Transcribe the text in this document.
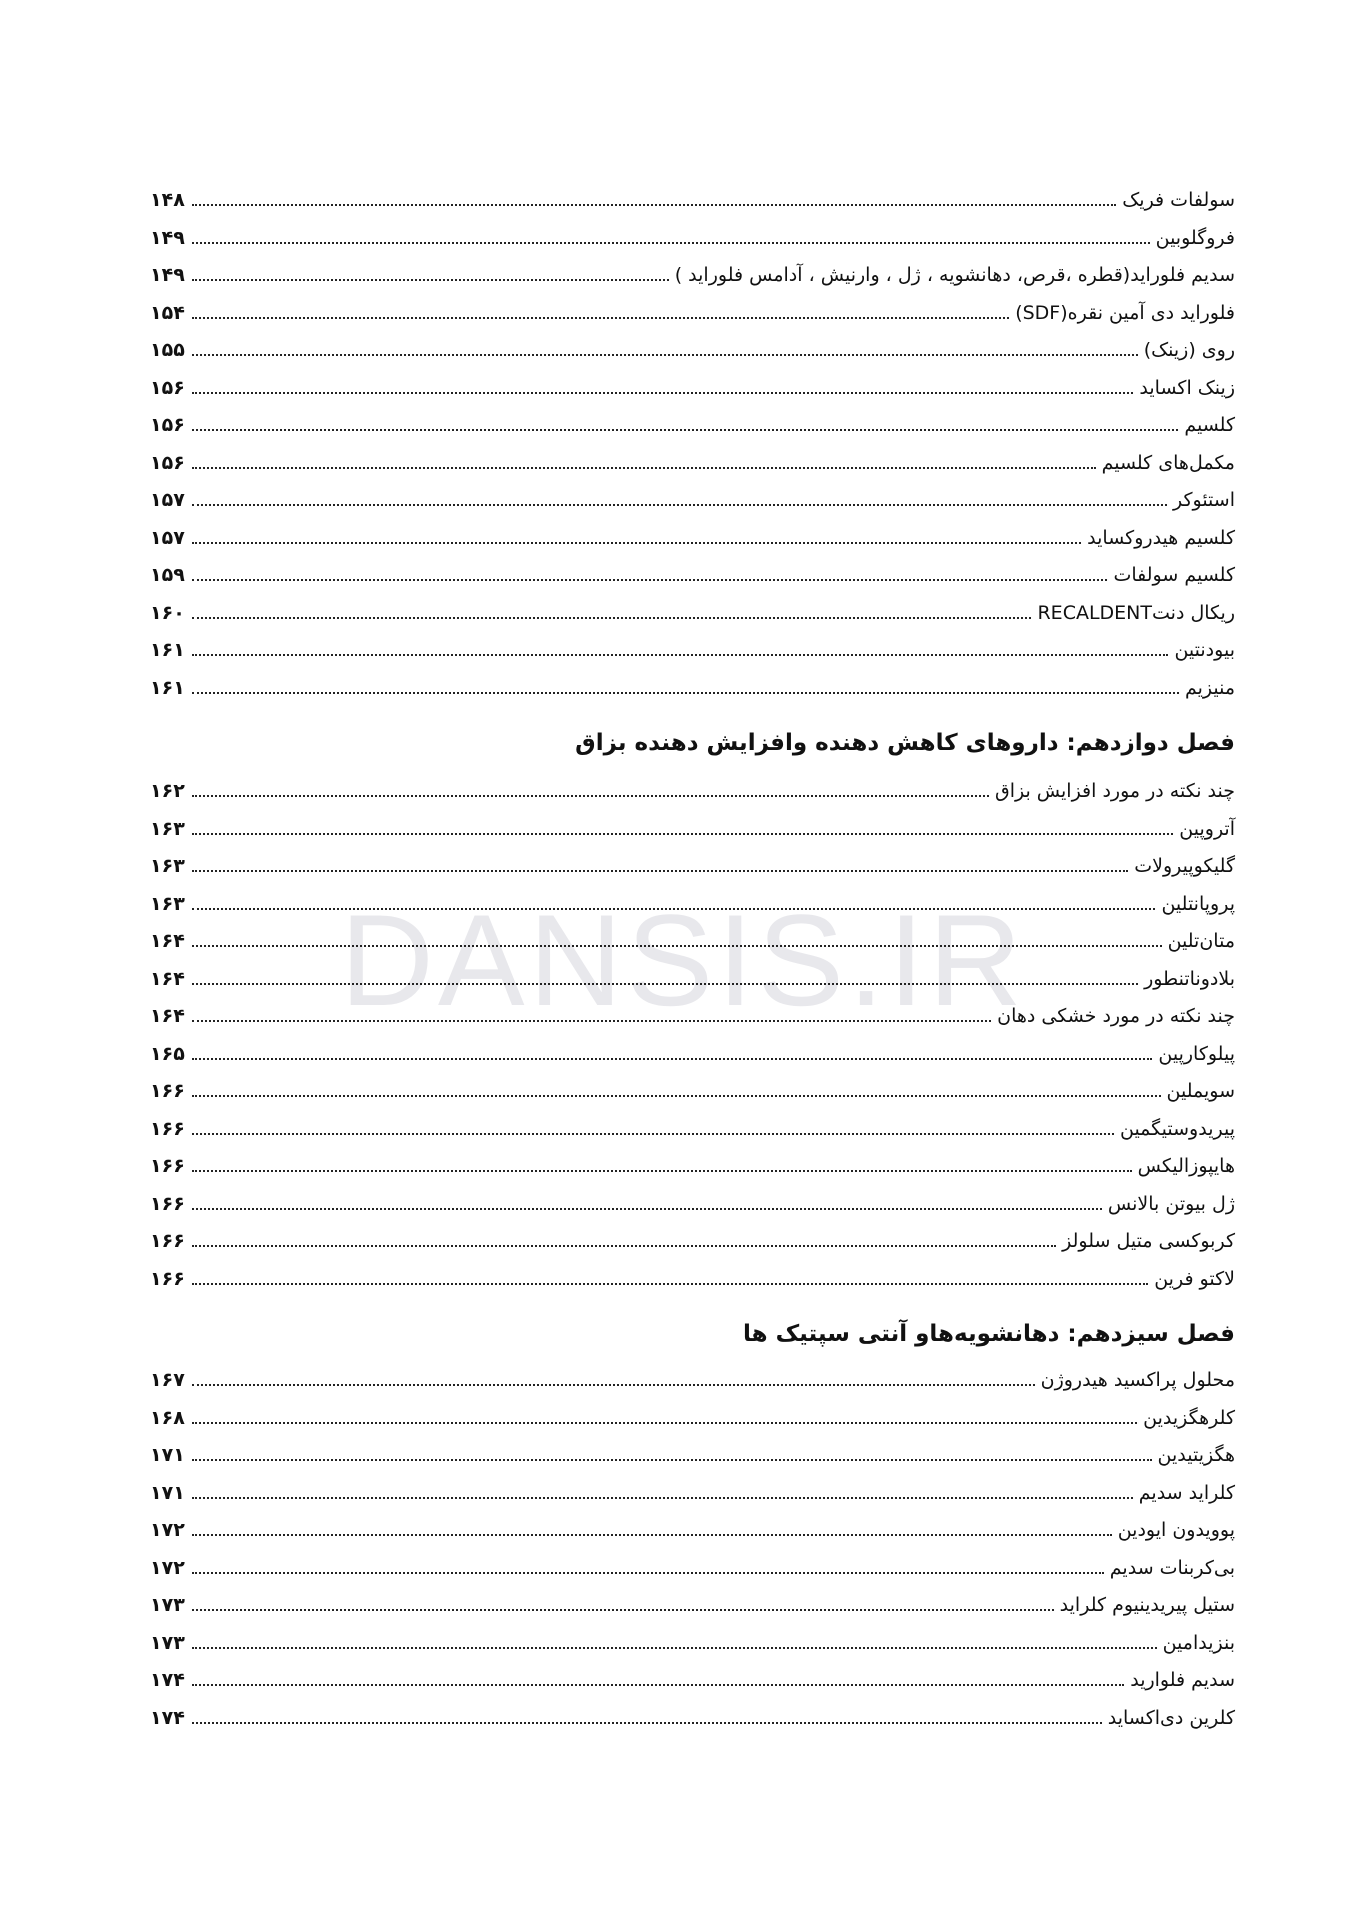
DANSIS.IR
سولفات فریک
۱۴۸
فروگلوبین
۱۴۹
سدیم فلوراید(قطره ،قرص، دهانشویه ، ژل ، وارنیش ، آدامس فلوراید )
۱۴۹
فلوراید دی آمین نقره(SDF)
۱۵۴
روی (زینک)
۱۵۵
زینک اکساید
۱۵۶
کلسیم
۱۵۶
مکمل‌های کلسیم
۱۵۶
استئوکر
۱۵۷
کلسیم هیدروکساید
۱۵۷
کلسیم سولفات
۱۵۹
ریکال دنتRECALDENT
۱۶۰
بیودنتین
۱۶۱
منیزیم
۱۶۱
فصل دوازدهم: داروهای کاهش دهنده وافزایش دهنده بزاق
چند نکته در مورد افزایش بزاق
۱۶۲
آتروپین
۱۶۳
گلیکوپیرولات
۱۶۳
پروپانتلین
۱۶۳
متان‌تلین
۱۶۴
بلادوناتنطور
۱۶۴
چند نکته در مورد خشکی دهان
۱۶۴
پیلوکارپین
۱۶۵
سویملین
۱۶۶
پیریدوستیگمین
۱۶۶
هایپوزالیکس
۱۶۶
ژل بیوتن بالانس
۱۶۶
کربوکسی متیل سلولز
۱۶۶
لاکتو فرین
۱۶۶
فصل سیزدهم: دهانشویه‌هاو آنتی سپتیک ها
محلول پراکسید هیدروژن
۱۶۷
کلرهگزیدین
۱۶۸
هگزیتیدین
۱۷۱
کلراید سدیم
۱۷۱
پوویدون ایودین
۱۷۲
بی‌کربنات سدیم
۱۷۲
ستیل پیریدینیوم کلراید
۱۷۳
بنزیدامین
۱۷۳
سدیم فلوارید
۱۷۴
کلرین دی‌اکساید
۱۷۴
